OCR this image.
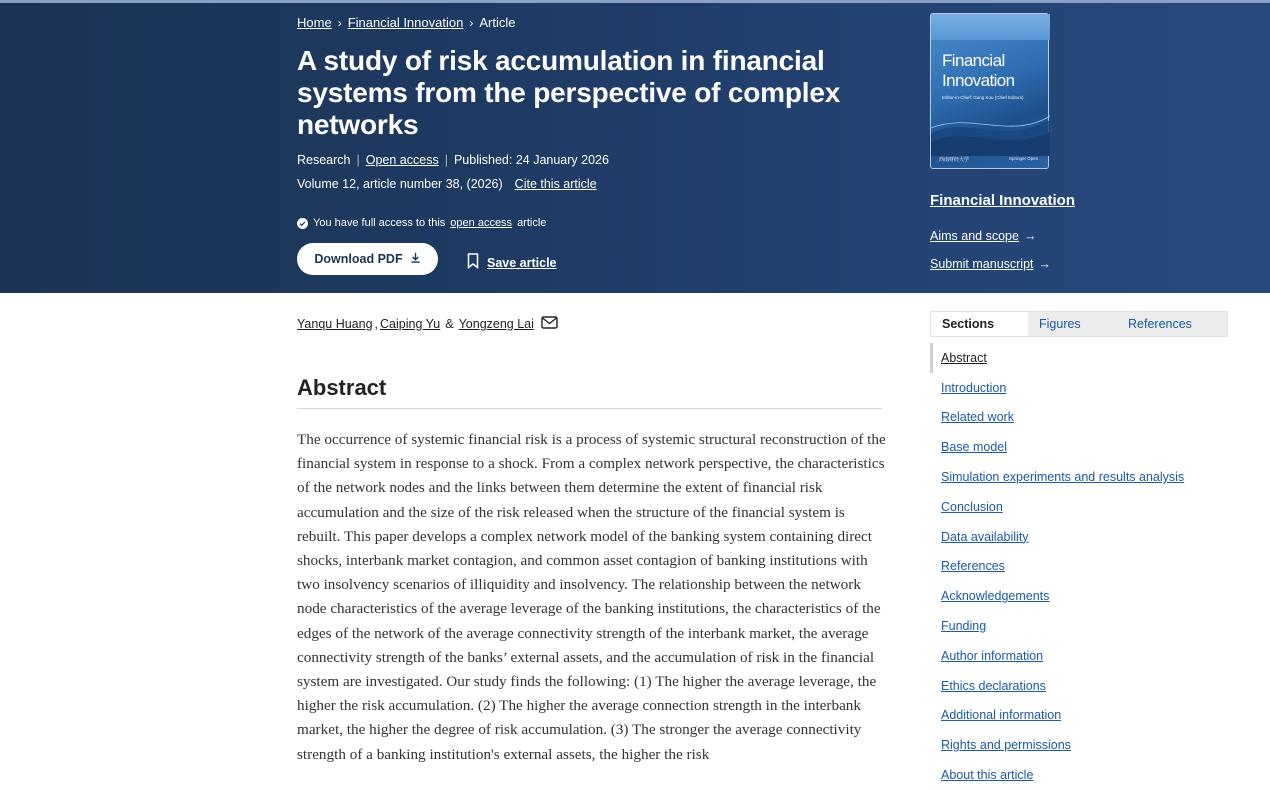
Home › Financial Innovation › Article
A study of risk accumulation in financial systems from the perspective of complex networks
Research | Open access | Published: 24 January 2026
Volume 12, article number 38, (2026) Cite this article
You have full access to this open access article
Download PDF	Save article
Financial
Innovation
Editor-in-Chief: Gang Kou (Chief Editors)
西南财经大学	Springer Open
Financial Innovation
Aims and scope →
Submit manuscript →
Yanqu Huang , Caiping Yu & Yongzeng Lai
Abstract

The occurrence of systemic financial risk is a process of systemic structural reconstruction of the financial system in response to a shock. From a complex network perspective, the characteristics of the network nodes and the links between them determine the extent of financial risk accumulation and the size of the risk released when the structure of the financial system is rebuilt. This paper develops a complex network model of the banking system containing direct shocks, interbank market contagion, and common asset contagion of banking institutions with two insolvency scenarios of illiquidity and insolvency. The relationship between the network node characteristics of the average leverage of the banking institutions, the characteristics of the edges of the network of the average connectivity strength of the interbank market, the average connectivity strength of the banks’ external assets, and the accumulation of risk in the financial system are investigated. Our study finds the following: (1) The higher the average leverage, the higher the risk accumulation. (2) The higher the average connection strength in the interbank market, the higher the degree of risk accumulation. (3) The stronger the average connectivity strength of a banking institution's external assets, the higher the risk

Sections	Figures	References
Abstract
Introduction
Related work
Base model
Simulation experiments and results analysis
Conclusion
Data availability
References
Acknowledgements
Funding
Author information
Ethics declarations
Additional information
Rights and permissions
About this article
